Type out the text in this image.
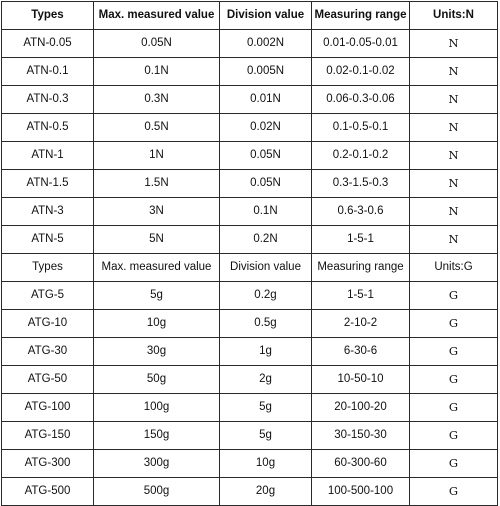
Types	Max. measured value	Division value	Measuring range	Units:N
ATN-0.05	0.05N	0.002N	0.01-0.05-0.01	N
ATN-0.1	0.1N	0.005N	0.02-0.1-0.02	N
ATN-0.3	0.3N	0.01N	0.06-0.3-0.06	N
ATN-0.5	0.5N	0.02N	0.1-0.5-0.1	N
ATN-1	1N	0.05N	0.2-0.1-0.2	N
ATN-1.5	1.5N	0.05N	0.3-1.5-0.3	N
ATN-3	3N	0.1N	0.6-3-0.6	N
ATN-5	5N	0.2N	1-5-1	N
Types	Max. measured value	Division value	Measuring range	Units:G
ATG-5	5g	0.2g	1-5-1	G
ATG-10	10g	0.5g	2-10-2	G
ATG-30	30g	1g	6-30-6	G
ATG-50	50g	2g	10-50-10	G
ATG-100	100g	5g	20-100-20	G
ATG-150	150g	5g	30-150-30	G
ATG-300	300g	10g	60-300-60	G
ATG-500	500g	20g	100-500-100	G
